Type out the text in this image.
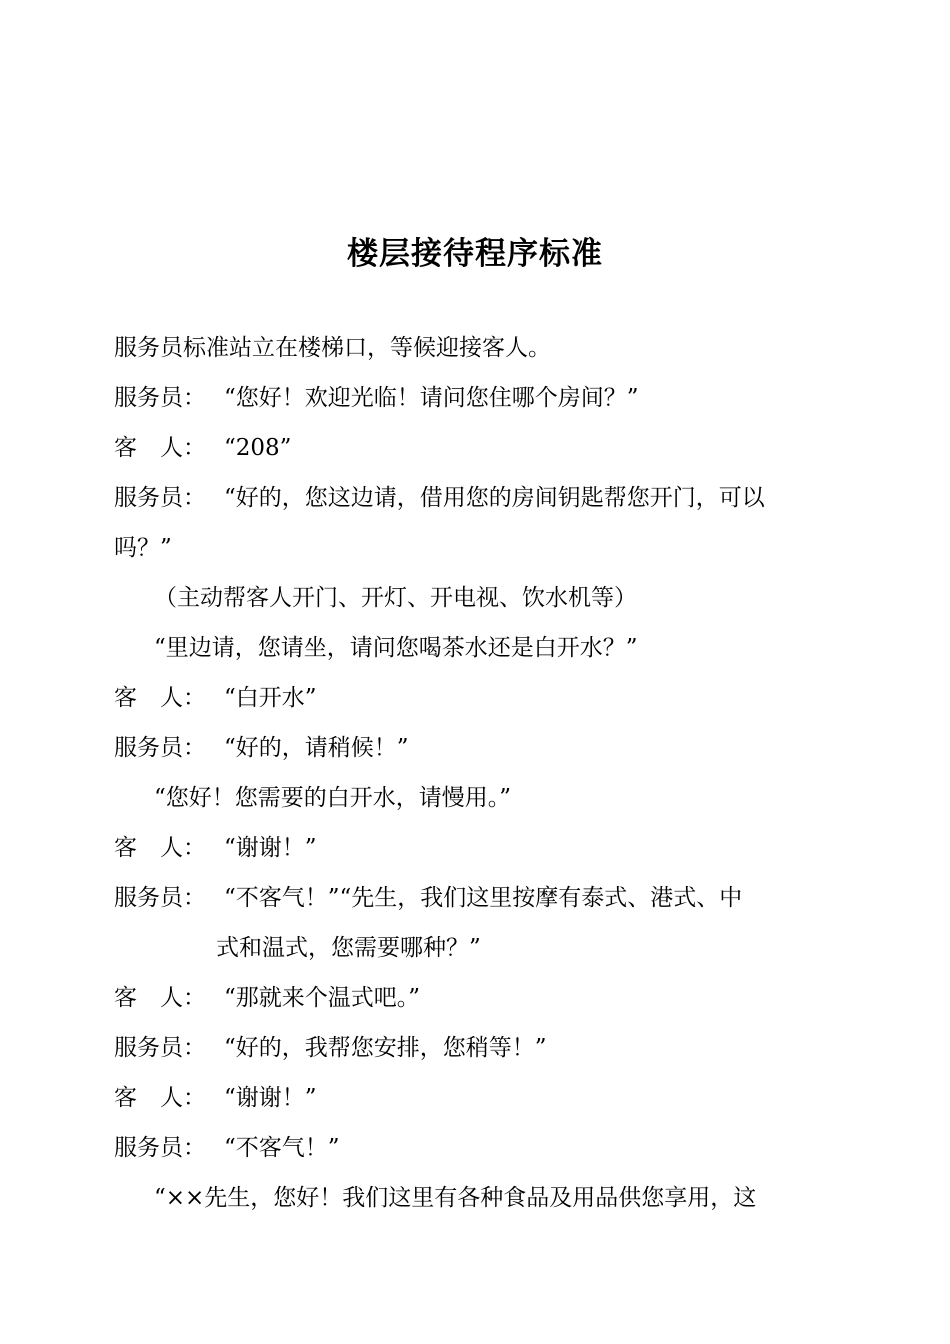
楼层接待程序标准
服务员标准站立在楼梯口，等候迎接客人。
服务员： “您好！欢迎光临！请问您住哪个房间？”
客　人： “208”
服务员： “好的，您这边请，借用您的房间钥匙帮您开门，可以
吗？”
（主动帮客人开门、开灯、开电视、饮水机等）
“里边请，您请坐，请问您喝茶水还是白开水？”
客　人： “白开水”
服务员： “好的，请稍候！”
“您好！您需要的白开水，请慢用。”
客　人： “谢谢！”
服务员： “不客气！”“先生，我们这里按摩有泰式、港式、中
式和温式，您需要哪种？”
客　人： “那就来个温式吧。”
服务员： “好的，我帮您安排，您稍等！”
客　人： “谢谢！”
服务员： “不客气！”
“××先生，您好！我们这里有各种食品及用品供您享用，这
